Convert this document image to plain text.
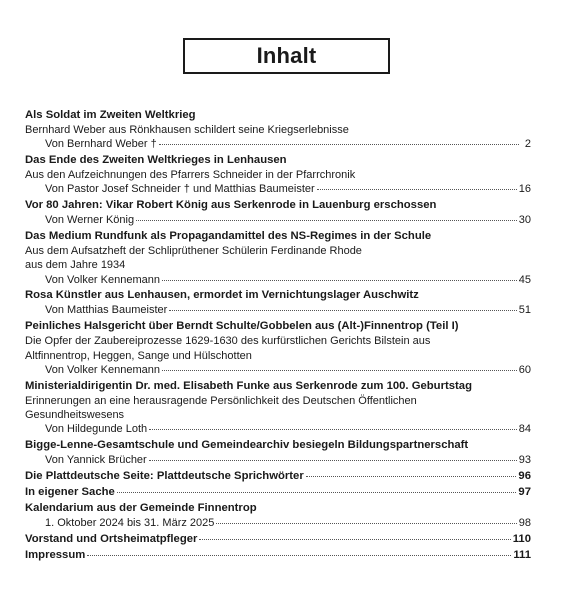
Inhalt
Als Soldat im Zweiten Weltkrieg
Bernhard Weber aus Rönkhausen schildert seine Kriegserlebnisse
Von Bernhard Weber †	2
Das Ende des Zweiten Weltkrieges in Lenhausen
Aus den Aufzeichnungen des Pfarrers Schneider in der Pfarrchronik
Von Pastor Josef Schneider † und Matthias Baumeister	16
Vor 80 Jahren: Vikar Robert König aus Serkenrode in Lauenburg erschossen
Von Werner König	30
Das Medium Rundfunk als Propagandamittel des NS-Regimes in der Schule
Aus dem Aufsatzheft der Schliprüthener Schülerin Ferdinande Rhode
aus dem Jahre 1934
Von Volker Kennemann	45
Rosa Künstler aus Lenhausen, ermordet im Vernichtungslager Auschwitz
Von Matthias Baumeister	51
Peinliches Halsgericht über Berndt Schulte/Gobbelen aus (Alt-)Finnentrop (Teil I)
Die Opfer der Zaubereiprozesse 1629-1630 des kurfürstlichen Gerichts Bilstein aus
Altfinnentrop, Heggen, Sange und Hülschotten
Von Volker Kennemann	60
Ministerialdirigentin Dr. med. Elisabeth Funke aus Serkenrode zum 100. Geburtstag
Erinnerungen an eine herausragende Persönlichkeit des Deutschen Öffentlichen
Gesundheitswesens
Von Hildegunde Loth	84
Bigge-Lenne-Gesamtschule und Gemeindearchiv besiegeln Bildungspartnerschaft
Von Yannick Brücher	93
Die Plattdeutsche Seite: Plattdeutsche Sprichwörter	96
In eigener Sache	97
Kalendarium aus der Gemeinde Finnentrop
1. Oktober 2024 bis 31. März 2025	98
Vorstand und Ortsheimatpfleger	110
Impressum	111
